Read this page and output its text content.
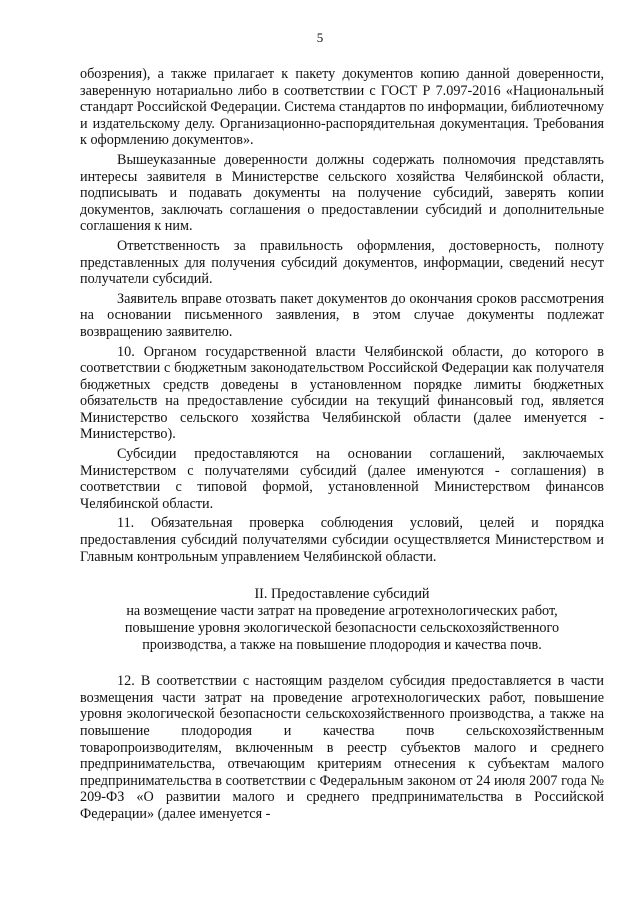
5

обозрения), а также прилагает к пакету документов копию данной доверенности, заверенную нотариально либо в соответствии с ГОСТ Р 7.097-2016 «Национальный стандарт Российской Федерации. Система стандартов по информации, библиотечному и издательскому делу. Организационно-распорядительная документация. Требования к оформлению документов».

Вышеуказанные доверенности должны содержать полномочия представлять интересы заявителя в Министерстве сельского хозяйства Челябинской области, подписывать и подавать документы на получение субсидий, заверять копии документов, заключать соглашения о предоставлении субсидий и дополнительные соглашения к ним.

Ответственность за правильность оформления, достоверность, полноту представленных для получения субсидий документов, информации, сведений несут получатели субсидий.

Заявитель вправе отозвать пакет документов до окончания сроков рассмотрения на основании письменного заявления, в этом случае документы подлежат возвращению заявителю.

10. Органом государственной власти Челябинской области, до которого в соответствии с бюджетным законодательством Российской Федерации как получателя бюджетных средств доведены в установленном порядке лимиты бюджетных обязательств на предоставление субсидии на текущий финансовый год, является Министерство сельского хозяйства Челябинской области (далее именуется - Министерство).

Субсидии предоставляются на основании соглашений, заключаемых Министерством с получателями субсидий (далее именуются - соглашения) в соответствии с типовой формой, установленной Министерством финансов Челябинской области.

11. Обязательная проверка соблюдения условий, целей и порядка предоставления субсидий получателями субсидии осуществляется Министерством и Главным контрольным управлением Челябинской области.

II. Предоставление субсидий
на возмещение части затрат на проведение агротехнологических работ,
повышение уровня экологической безопасности сельскохозяйственного
производства, а также на повышение плодородия и качества почв.

12. В соответствии с настоящим разделом субсидия предоставляется в части возмещения части затрат на проведение агротехнологических работ, повышение уровня экологической безопасности сельскохозяйственного производства, а также на повышение плодородия и качества почв сельскохозяйственным товаропроизводителям, включенным в реестр субъектов малого и среднего предпринимательства, отвечающим критериям отнесения к субъектам малого предпринимательства в соответствии с Федеральным законом от 24 июля 2007 года № 209-ФЗ «О развитии малого и среднего предпринимательства в Российской Федерации» (далее именуется -
